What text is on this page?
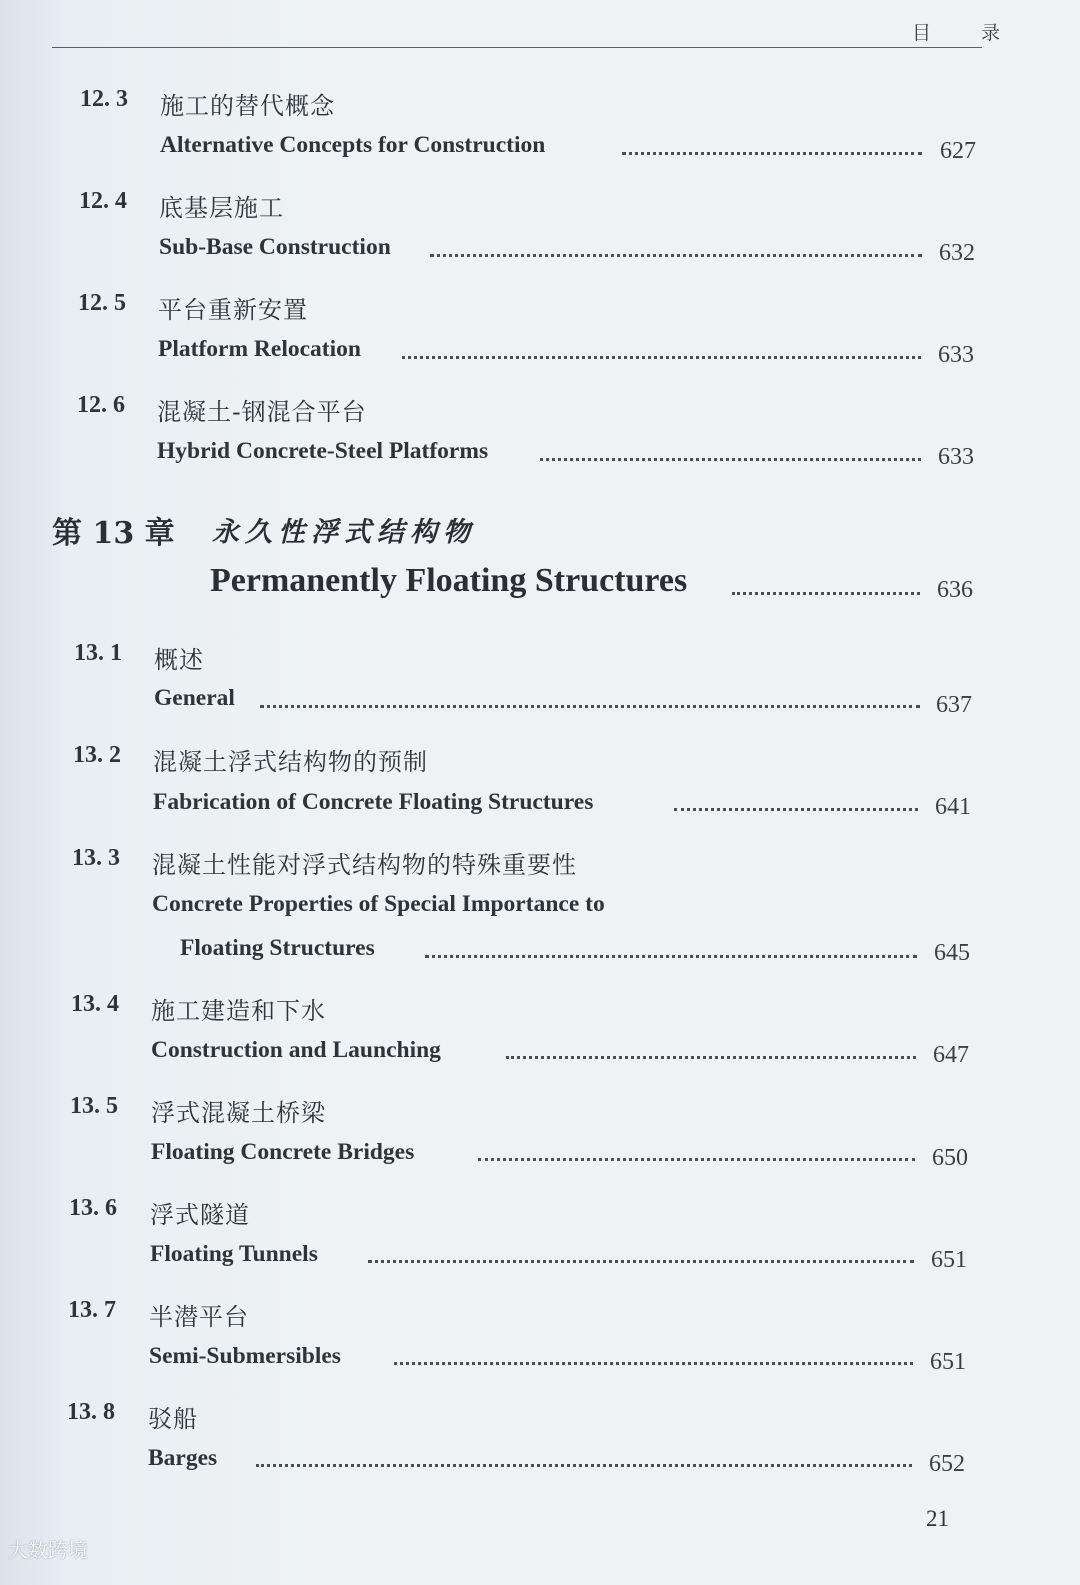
目 录
12. 3 施工的替代概念
Alternative Concepts for Construction	627
12. 4 底基层施工
Sub-Base Construction	632
12. 5 平台重新安置
Platform Relocation	633
12. 6 混凝土-钢混合平台
Hybrid Concrete-Steel Platforms	633
第 13 章 永久性浮式结构物
Permanently Floating Structures	636
13. 1 概述
General	637
13. 2 混凝土浮式结构物的预制
Fabrication of Concrete Floating Structures	641
13. 3 混凝土性能对浮式结构物的特殊重要性
Concrete Properties of Special Importance to
Floating Structures	645
13. 4 施工建造和下水
Construction and Launching	647
13. 5 浮式混凝土桥梁
Floating Concrete Bridges	650
13. 6 浮式隧道
Floating Tunnels	651
13. 7 半潜平台
Semi-Submersibles	651
13. 8 驳船
Barges	652
21
大数跨境
